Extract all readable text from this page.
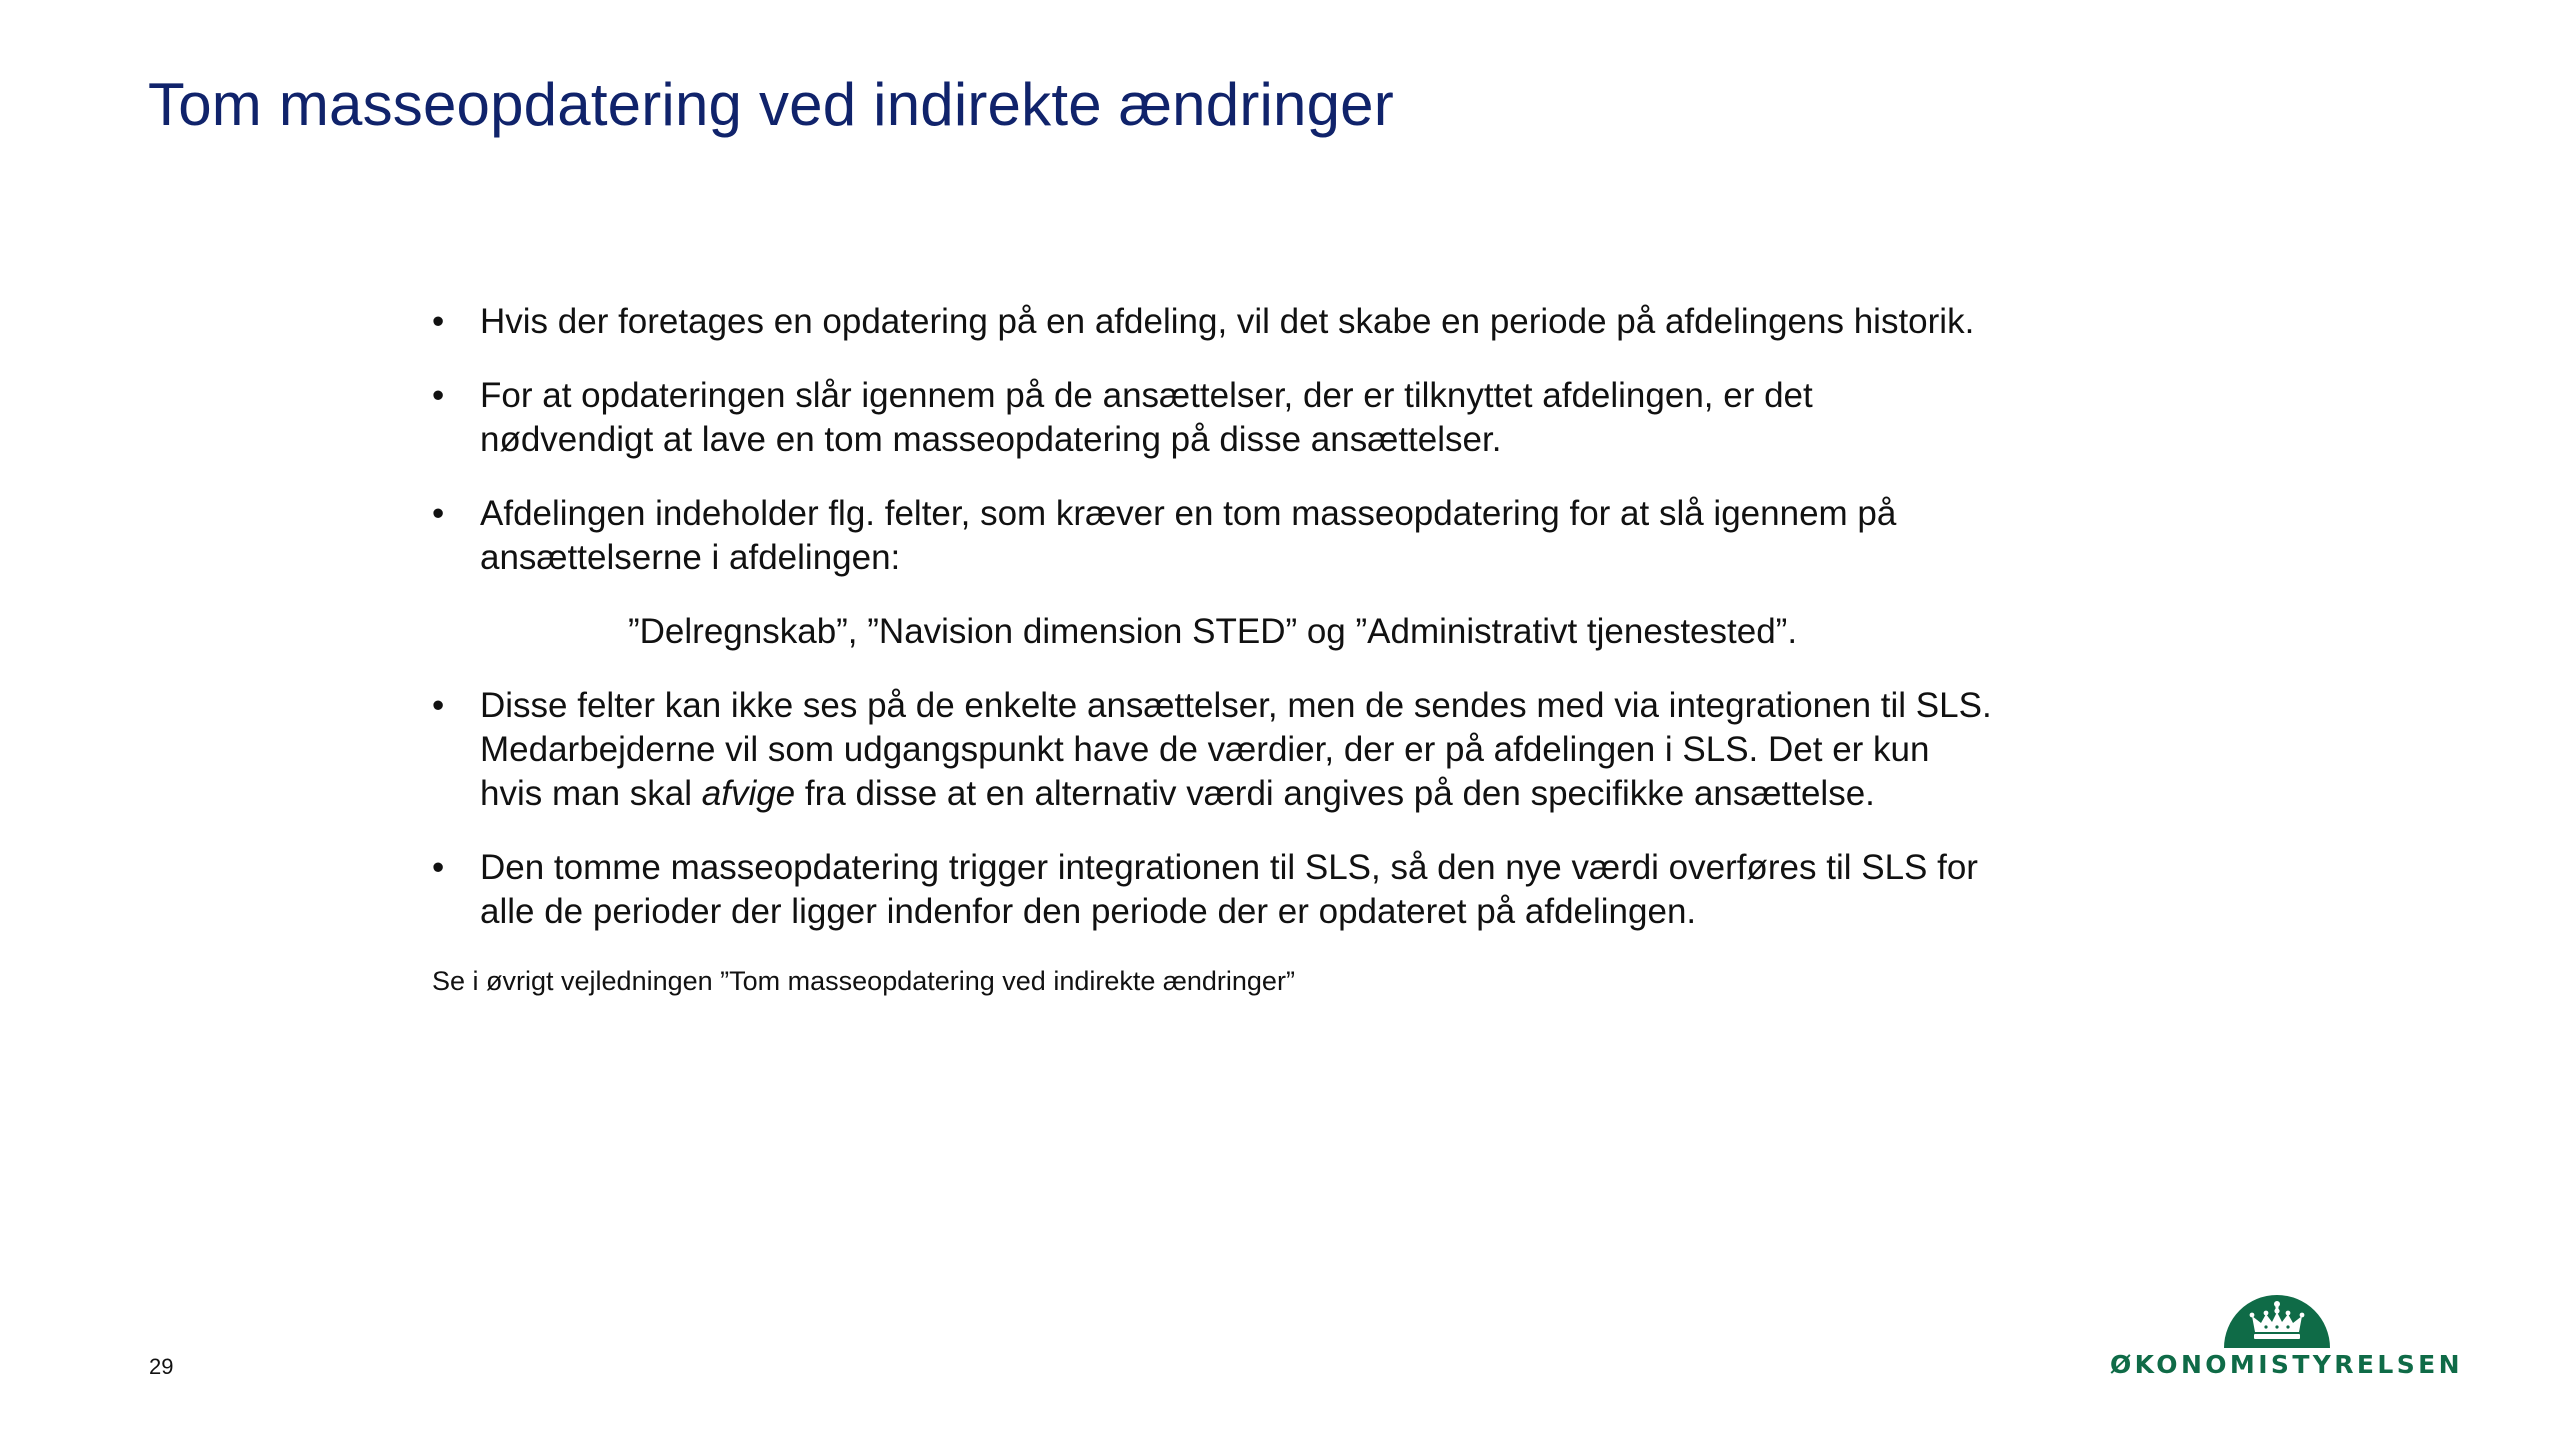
Tom masseopdatering ved indirekte ændringer
•	Hvis der foretages en opdatering på en afdeling, vil det skabe en periode på afdelingens historik.
•	For at opdateringen slår igennem på de ansættelser, der er tilknyttet afdelingen, er det nødvendigt at lave en tom masseopdatering på disse ansættelser.
•	Afdelingen indeholder flg. felter, som kræver en tom masseopdatering for at slå igennem på ansættelserne i afdelingen:
”Delregnskab”, ”Navision dimension STED” og ”Administrativt tjenestested”.
•	Disse felter kan ikke ses på de enkelte ansættelser, men de sendes med via integrationen til SLS. Medarbejderne vil som udgangspunkt have de værdier, der er på afdelingen i SLS. Det er kun hvis man skal afvige fra disse at en alternativ værdi angives på den specifikke ansættelse.
•	Den tomme masseopdatering trigger integrationen til SLS, så den nye værdi overføres til SLS for alle de perioder der ligger indenfor den periode der er opdateret på afdelingen.

Se i øvrigt vejledningen ”Tom masseopdatering ved indirekte ændringer”

29	ØKONOMISTYRELSEN
